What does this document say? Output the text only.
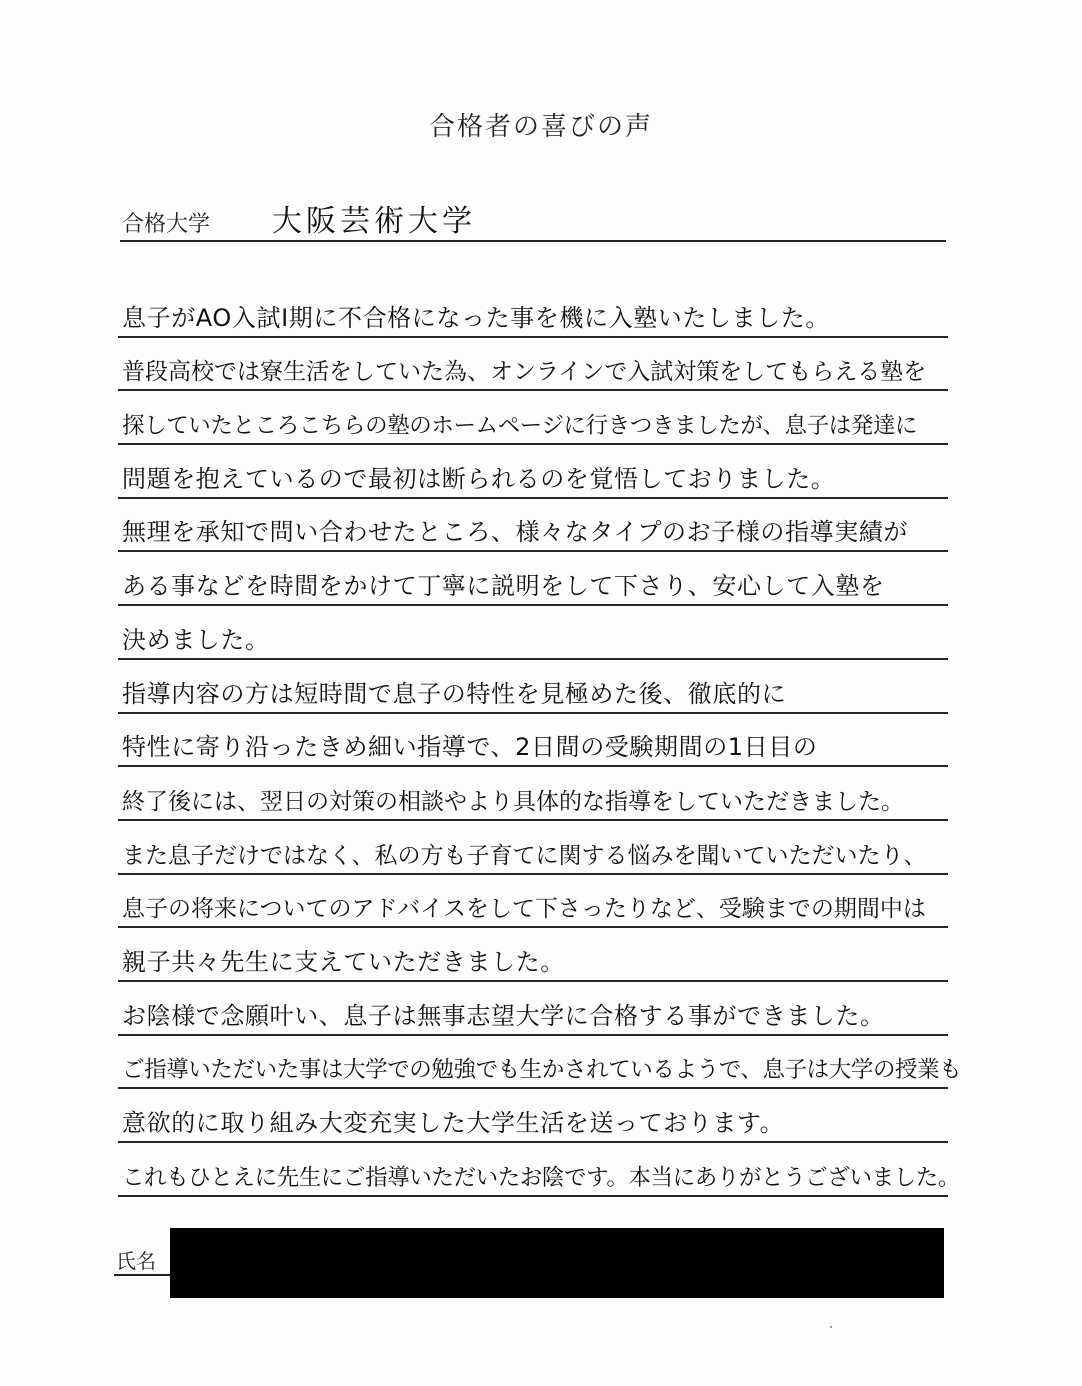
合格者の喜びの声
合格大学 大阪芸術大学
息子がAO入試Ⅰ期に不合格になった事を機に入塾いたしました。
普段高校では寮生活をしていた為、オンラインで入試対策をしてもらえる塾を
探していたところこちらの塾のホームページに行きつきましたが、息子は発達に
問題を抱えているので最初は断られるのを覚悟しておりました。
無理を承知で問い合わせたところ、様々なタイプのお子様の指導実績が
ある事などを時間をかけて丁寧に説明をして下さり、安心して入塾を
決めました。
指導内容の方は短時間で息子の特性を見極めた後、徹底的に
特性に寄り沿ったきめ細い指導で、2日間の受験期間の1日目の
終了後には、翌日の対策の相談やより具体的な指導をしていただきました。
また息子だけではなく、私の方も子育てに関する悩みを聞いていただいたり、
息子の将来についてのアドバイスをして下さったりなど、受験までの期間中は
親子共々先生に支えていただきました。
お陰様で念願叶い、息子は無事志望大学に合格する事ができました。
ご指導いただいた事は大学での勉強でも生かされているようで、息子は大学の授業も
意欲的に取り組み大変充実した大学生活を送っております。
これもひとえに先生にご指導いただいたお陰です。本当にありがとうございました。
氏名
